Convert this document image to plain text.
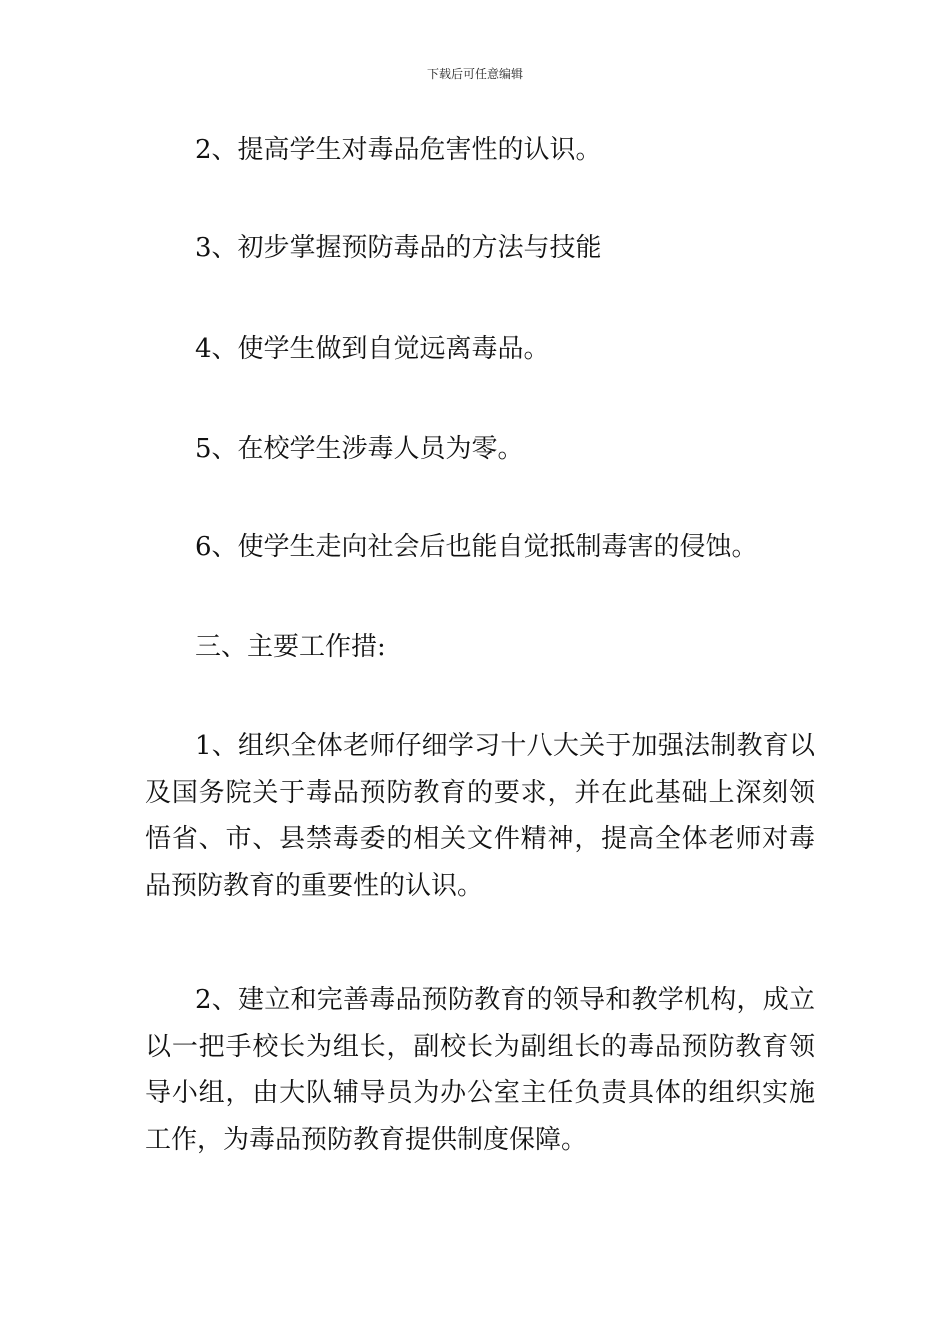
下载后可任意编辑
2、提高学生对毒品危害性的认识。
3、初步掌握预防毒品的方法与技能
4、使学生做到自觉远离毒品。
5、在校学生涉毒人员为零。
6、使学生走向社会后也能自觉抵制毒害的侵蚀。
三、主要工作措:
1、组织全体老师仔细学习十八大关于加强法制教育以及国务院关于毒品预防教育的要求，并在此基础上深刻领悟省、市、县禁毒委的相关文件精神，提高全体老师对毒品预防教育的重要性的认识。
2、建立和完善毒品预防教育的领导和教学机构，成立以一把手校长为组长，副校长为副组长的毒品预防教育领导小组，由大队辅导员为办公室主任负责具体的组织实施工作，为毒品预防教育提供制度保障。
